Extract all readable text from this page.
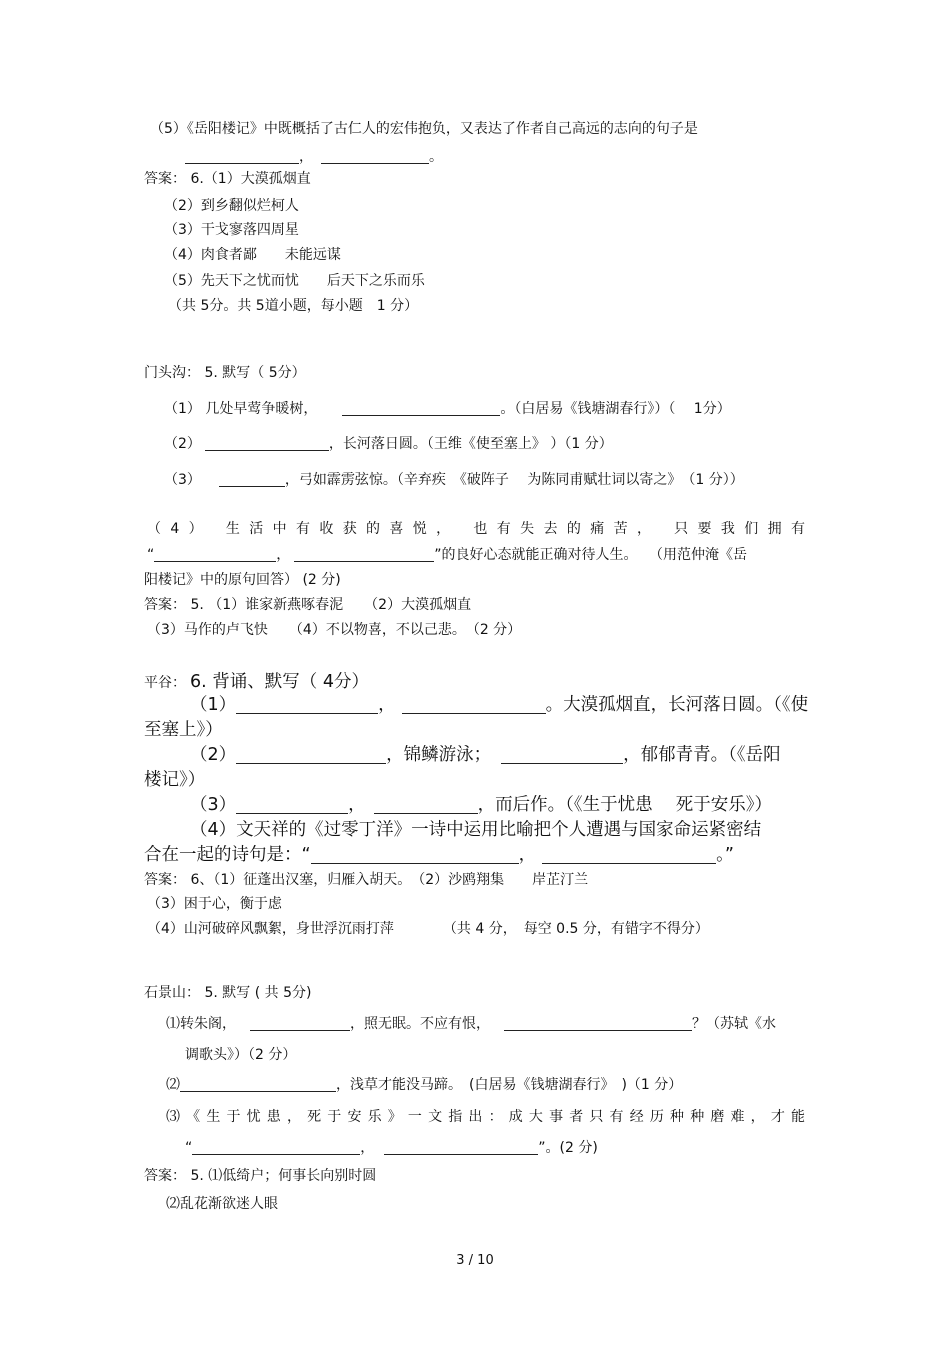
（5）《岳阳楼记》中既概括了古仁人的宏伟抱负，又表达了作者自己高远的志向的句子是
，	。
答案： 6.（1）大漠孤烟直
（2）到乡翻似烂柯人
（3）干戈寥落四周星
（4）肉食者鄙　　未能远谋
（5）先天下之忧而忧　　后天下之乐而乐
（共 5分。共 5道小题，每小题　1 分）
门头沟： 5. 默写（ 5分）
（1） 几处早莺争暖树，	。（白居易《钱塘湖春行》）（　 1分）
（2）	，长河落日圆。（王维《使至塞上》 ）（1 分）
（3）	，弓如霹雳弦惊。（辛弃疾　《破阵子　 为陈同甫赋壮词以寄之》　（1 分））
（4） 生活中有收获的喜悦， 也有失去的痛苦， 只要我们拥有
“	，	”的良好心态就能正确对待人生。　 （用范仲淹《岳
阳楼记》中的原句回答） (2 分)
答案： 5. （1）谁家新燕啄春泥　　（2）大漠孤烟直
（3）马作的卢飞快　　（4）不以物喜，不以己悲。　（2 分）
平谷： 6. 背诵、默写（ 4分）
（1）	，	。大漠孤烟直，长河落日圆。（《使
至塞上》）
（2）	，锦鳞游泳；	，郁郁青青。（《岳阳
楼记》）
（3）	，	，而后作。（《生于忧患　 死于安乐》）
（4）文天祥的《过零丁洋》一诗中运用比喻把个人遭遇与国家命运紧密结
合在一起的诗句是：“	，	。”
答案： 6、（1）征蓬出汉塞，归雁入胡天。　（2）沙鸥翔集　　岸芷汀兰
（3）困于心，衡于虑
（4）山河破碎风飘絮，身世浮沉雨打萍　　　　（共 4 分，　每空 0.5 分，有错字不得分）
石景山： 5. 默写 ( 共 5分)
⑴转朱阁，	，照无眠。不应有恨，	？（苏轼《水
调歌头》）（2 分）
⑵	，浅草才能没马蹄。　(白居易《钱塘湖春行》　)（1 分）
⑶《生于忧患，死于安乐》一文指出：成大事者只有经历种种磨难，才能
“	，	”。(2 分)
答案： 5. ⑴低绮户；何事长向别时圆
⑵乱花渐欲迷人眼
3 / 10
